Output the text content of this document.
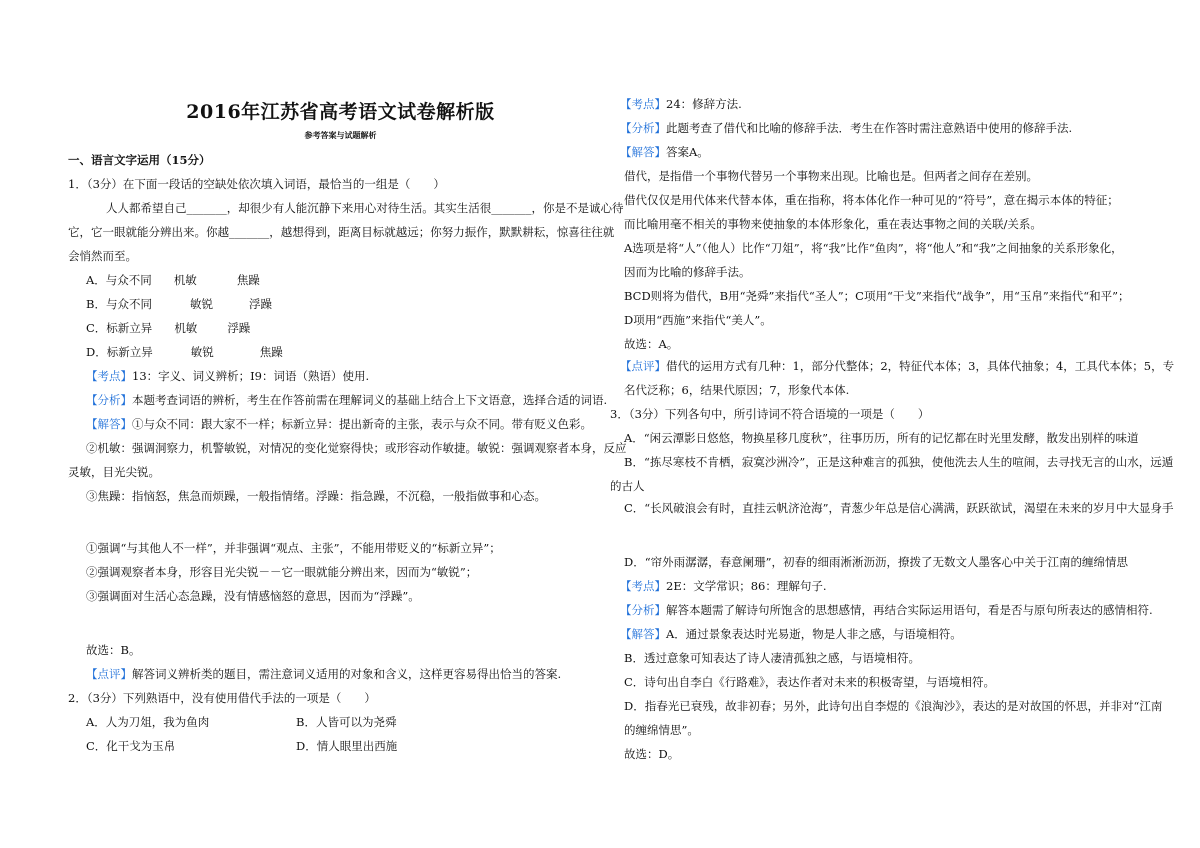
2016年江苏省高考语文试卷解析版
参考答案与试题解析
一、语言文字运用（15分）
1．（3分）在下面一段话的空缺处依次填入词语，最恰当的一组是（　　）
人人都希望自己_______，却很少有人能沉静下来用心对待生活。其实生活很_______，你是不是诚心待
它，它一眼就能分辨出来。你越_______，越想得到，距离目标就越远；你努力振作，默默耕耘，惊喜往往就
会悄然而至。
A．与众不同 机敏	焦躁
B．与众不同	敏锐	浮躁
C．标新立异 机敏	浮躁
D．标新立异	敏锐	焦躁
【考点】13：字义、词义辨析；I9：词语（熟语）使用.
【分析】本题考查词语的辨析，考生在作答前需在理解词义的基础上结合上下文语意，选择合适的词语.
【解答】①与众不同：跟大家不一样；标新立异：提出新奇的主张，表示与众不同。带有贬义色彩。
②机敏：强调洞察力，机警敏锐，对情况的变化觉察得快；或形容动作敏捷。敏锐：强调观察者本身，反应
灵敏，目光尖锐。
③焦躁：指恼怒，焦急而烦躁，一般指情绪。浮躁：指急躁，不沉稳，一般指做事和心态。
①强调“与其他人不一样”，并非强调“观点、主张”，不能用带贬义的“标新立异”；
②强调观察者本身，形容目光尖锐－－它一眼就能分辨出来，因而为“敏锐”；
③强调面对生活心态急躁，没有情感恼怒的意思，因而为“浮躁”。
故选：B。
【点评】解答词义辨析类的题目，需注意词义适用的对象和含义，这样更容易得出恰当的答案.
2．（3分）下列熟语中，没有使用借代手法的一项是（　　）
A．人为刀俎，我为鱼肉	B．人皆可以为尧舜
C．化干戈为玉帛	D．情人眼里出西施
【考点】24：修辞方法.
【分析】此题考查了借代和比喻的修辞手法．考生在作答时需注意熟语中使用的修辞手法.
【解答】答案A。
借代，是指借一个事物代替另一个事物来出现。比喻也是。但两者之间存在差别。
借代仅仅是用代体来代替本体，重在指称，将本体化作一种可见的“符号”，意在揭示本体的特征；
而比喻用毫不相关的事物来使抽象的本体形象化，重在表达事物之间的关联/关系。
A选项是将“人”（他人）比作“刀俎”，将“我”比作“鱼肉”，将“他人”和“我”之间抽象的关系形象化，
因而为比喻的修辞手法。
BCD则将为借代，B用“尧舜”来指代“圣人”；C项用“干戈”来指代“战争”，用“玉帛”来指代“和平”；
D项用“西施”来指代“美人”。
故选：A。
【点评】借代的运用方式有几种：1，部分代整体；2，特征代本体；3，具体代抽象；4，工具代本体；5，专
名代泛称；6，结果代原因；7，形象代本体.
3．（3分）下列各句中，所引诗词不符合语境的一项是（　　）
A．“闲云潭影日悠悠，物换星移几度秋”，往事历历，所有的记忆都在时光里发酵，散发出别样的味道
B．“拣尽寒枝不肯栖，寂寞沙洲冷”，正是这种难言的孤独，使他洗去人生的喧闹，去寻找无言的山水，远遁
的古人
C．“长风破浪会有时，直挂云帆济沧海”，青葱少年总是信心满满，跃跃欲试，渴望在未来的岁月中大显身手
D．“帘外雨潺潺，春意阑珊”，初春的细雨淅淅沥沥，撩拨了无数文人墨客心中关于江南的缠绵情思
【考点】2E：文学常识；86：理解句子.
【分析】解答本题需了解诗句所饱含的思想感情，再结合实际运用语句，看是否与原句所表达的感情相符.
【解答】A．通过景象表达时光易逝，物是人非之感，与语境相符。
B．透过意象可知表达了诗人凄清孤独之感，与语境相符。
C．诗句出自李白《行路难》，表达作者对未来的积极寄望，与语境相符。
D．指春光已衰残，故非初春；另外，此诗句出自李煜的《浪淘沙》，表达的是对故国的怀思，并非对“江南
的缠绵情思”。
故选：D。
